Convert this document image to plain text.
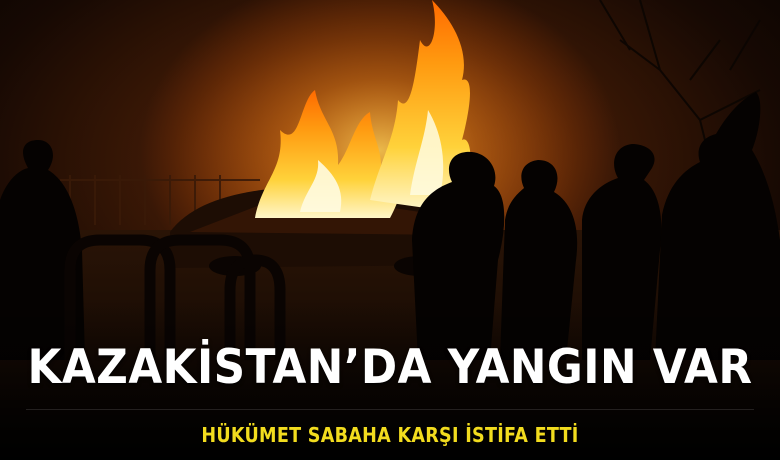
KAZAKİSTAN’DA YANGIN VAR
HÜKÜMET SABAHA KARŞI İSTİFA ETTİ
